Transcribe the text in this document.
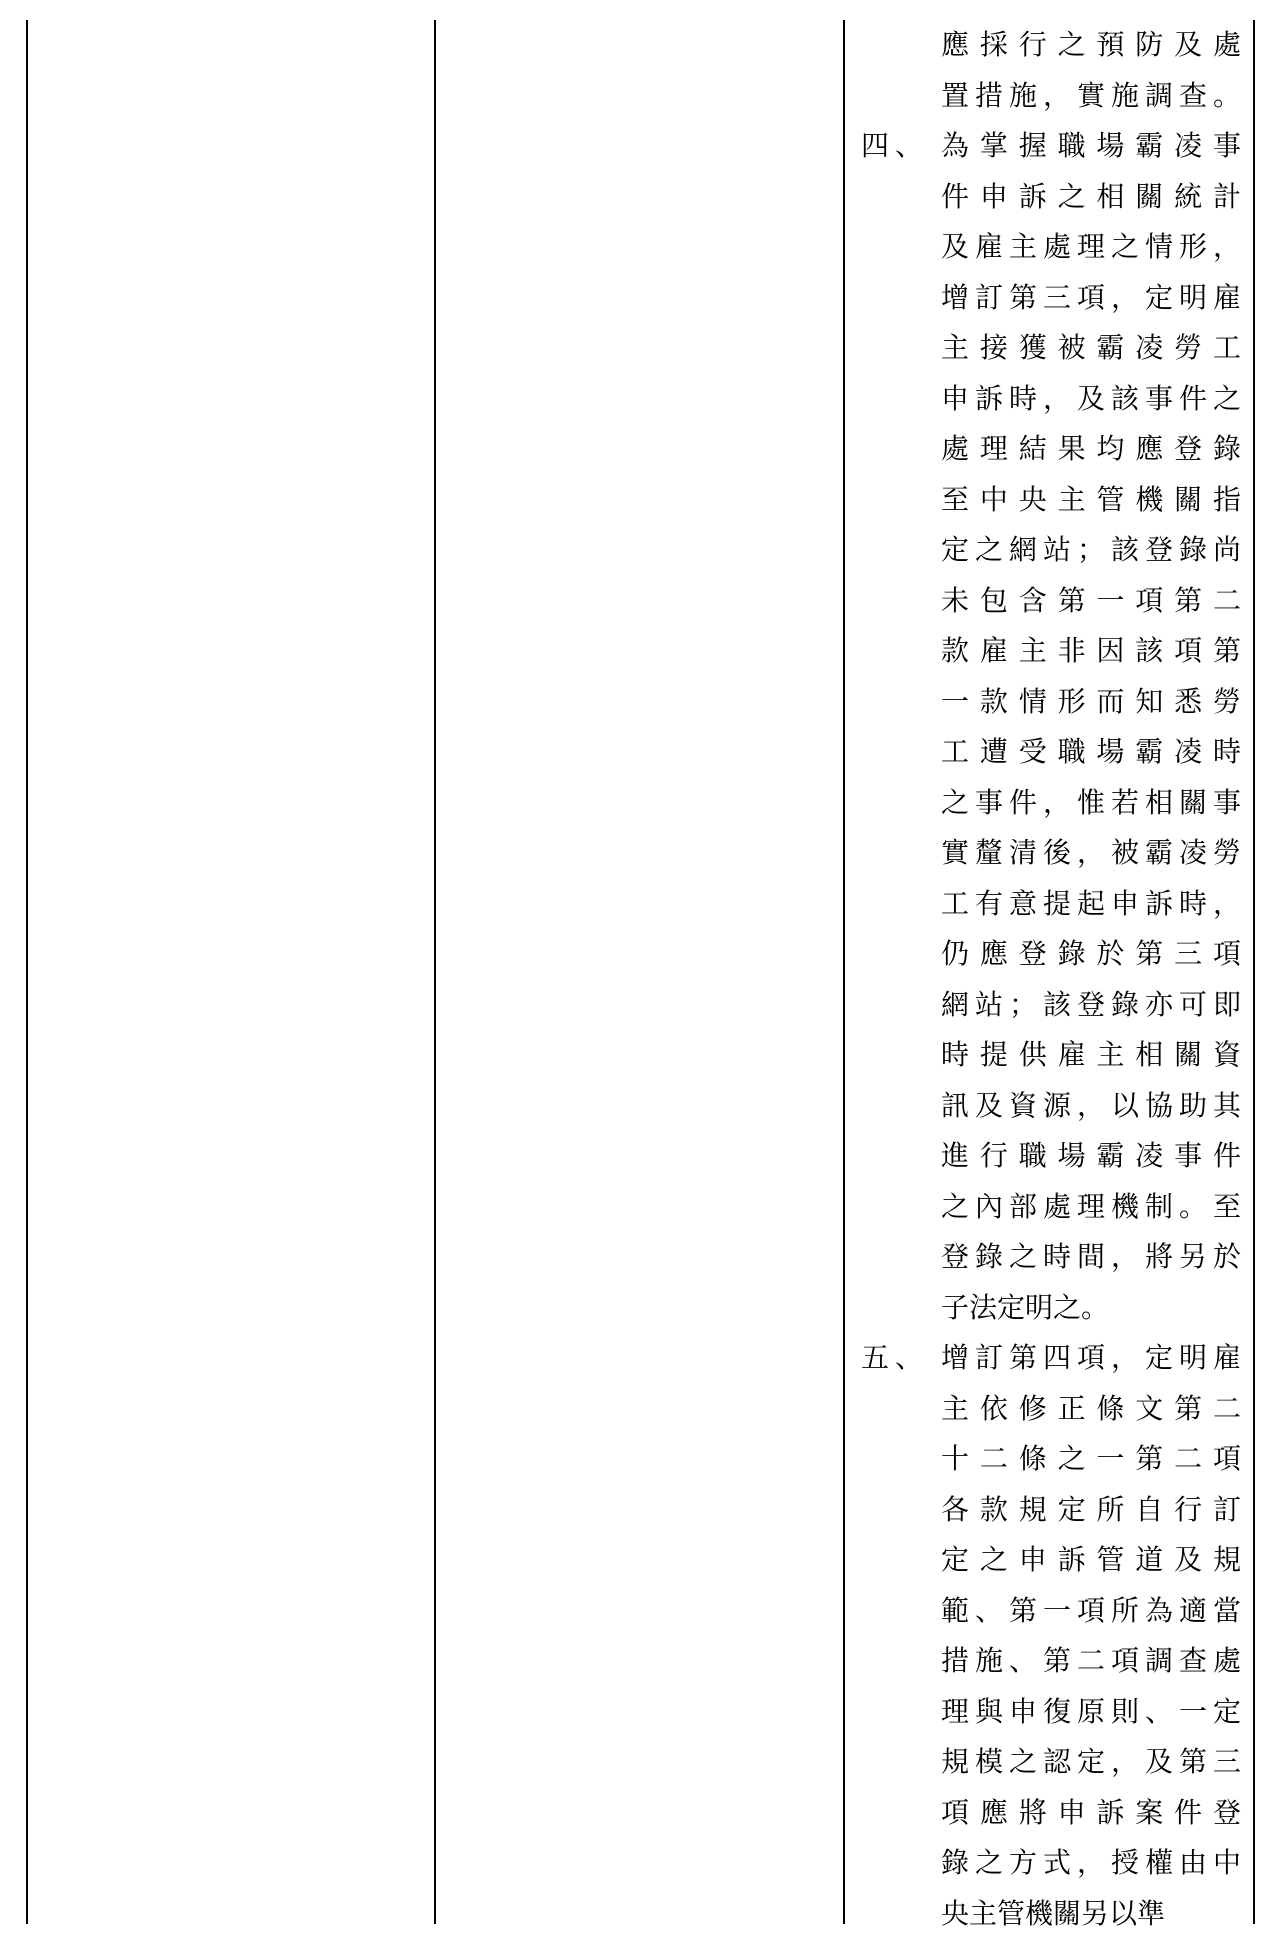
應採行之預防及處
置措施，實施調查。
四、 為掌握職場霸凌事
件申訴之相關統計
及雇主處理之情形，
增訂第三項，定明雇
主接獲被霸凌勞工
申訴時，及該事件之
處理結果均應登錄
至中央主管機關指
定之網站；該登錄尚
未包含第一項第二
款雇主非因該項第
一款情形而知悉勞
工遭受職場霸凌時
之事件，惟若相關事
實釐清後，被霸凌勞
工有意提起申訴時，
仍應登錄於第三項
網站；該登錄亦可即
時提供雇主相關資
訊及資源，以協助其
進行職場霸凌事件
之內部處理機制。至
登錄之時間，將另於
子法定明之。
五、 增訂第四項，定明雇
主依修正條文第二
十二條之一第二項
各款規定所自行訂
定之申訴管道及規
範、第一項所為適當
措施、第二項調查處
理與申復原則、一定
規模之認定，及第三
項應將申訴案件登
錄之方式，授權由中
央主管機關另以準
